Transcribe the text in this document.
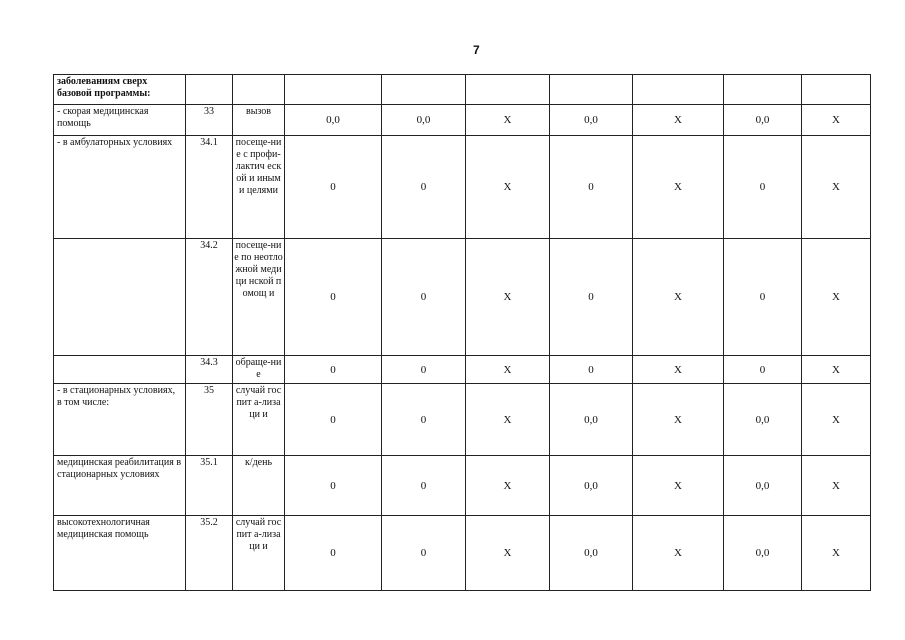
7
заболеваниям сверх базовой программы:									
- скорая медицинская помощь	33	вызов	0,0	0,0	X	0,0	X	0,0	X
- в амбулаторных условиях	34.1	посеще-ние с профи-лактич еской и иными целями	0	0	X	0	X	0	X
	34.2	посеще-ние по неотло жной медици нской помощ и	0	0	X	0	X	0	X
	34.3	обраще-ние	0	0	X	0	X	0	X
- в стационарных условиях, в том числе:	35	случай госпит а-лизаци и	0	0	X	0,0	X	0,0	X
медицинская реабилитация в стационарных условиях	35.1	к/день	0	0	X	0,0	X	0,0	X
высокотехнологичная медицинская помощь	35.2	случай госпит а-лизаци и	0	0	X	0,0	X	0,0	X
